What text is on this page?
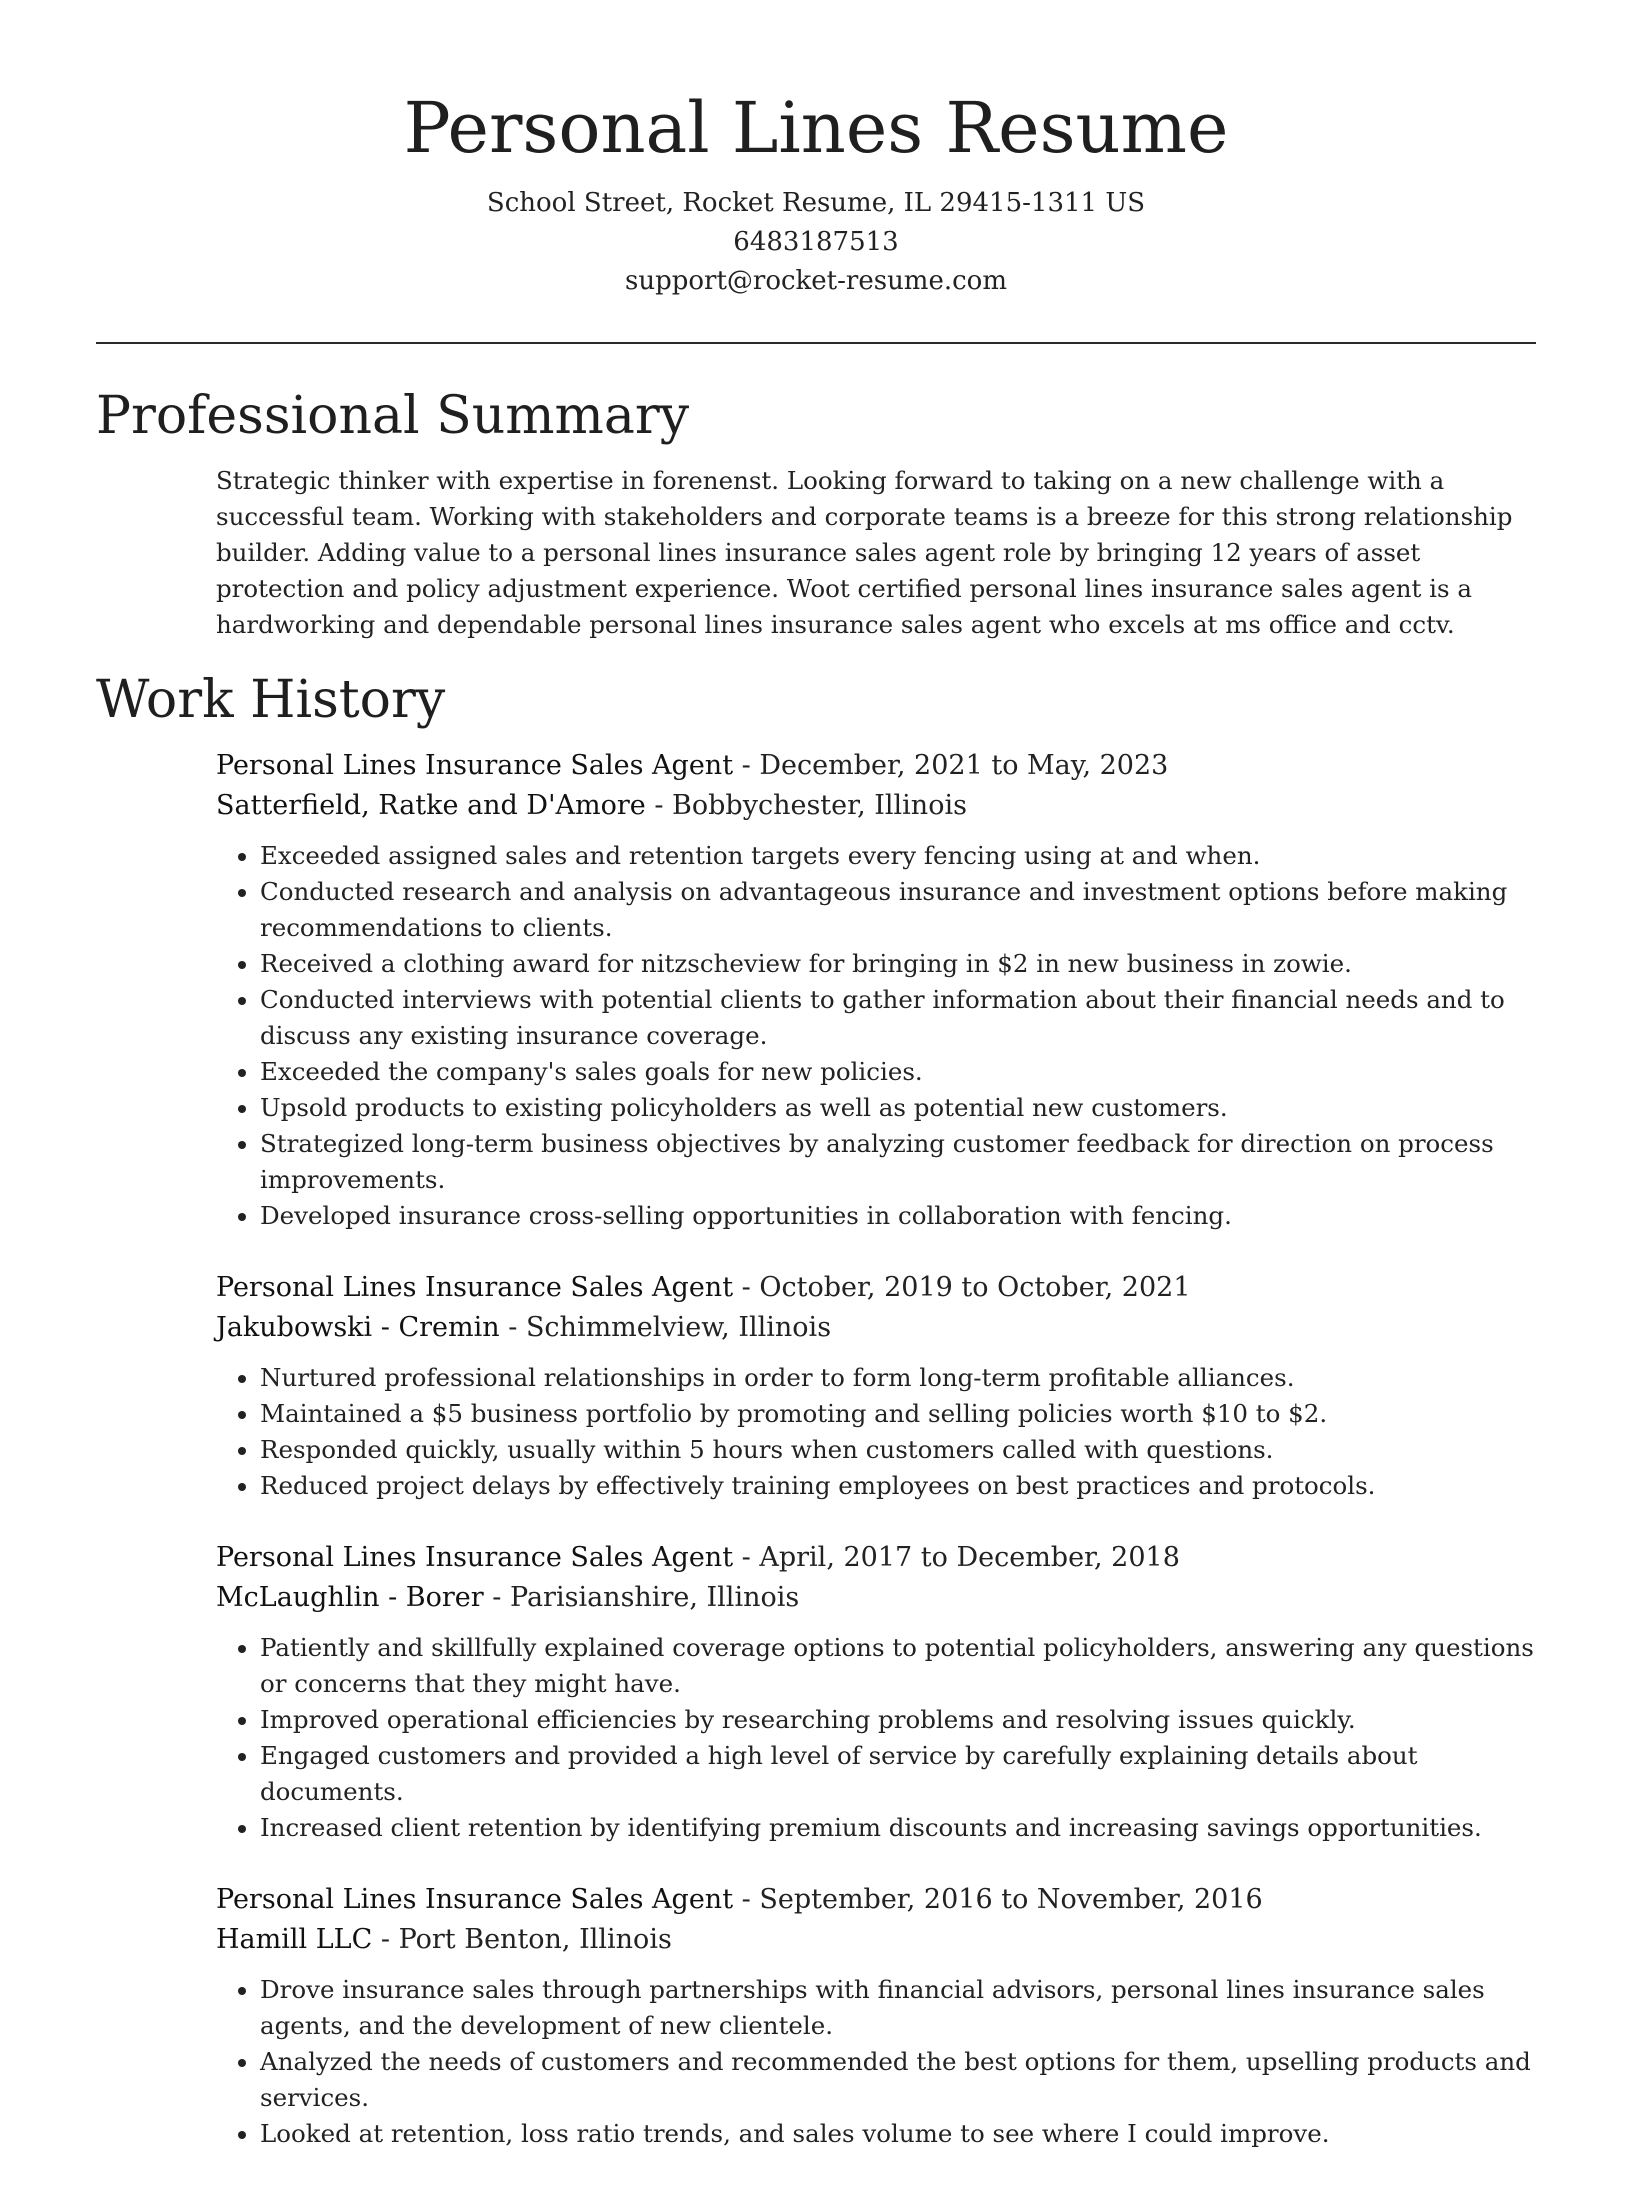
Personal Lines Resume

School Street, Rocket Resume, IL 29415-1311 US

6483187513

support@rocket-resume.com

Professional Summary

Strategic thinker with expertise in forenenst. Looking forward to taking on a new challenge with a successful team. Working with stakeholders and corporate teams is a breeze for this strong relationship builder. Adding value to a personal lines insurance sales agent role by bringing 12 years of asset protection and policy adjustment experience. Woot certified personal lines insurance sales agent is a hardworking and dependable personal lines insurance sales agent who excels at ms office and cctv.

Work History
Personal Lines Insurance Sales Agent - December, 2021 to May, 2023
Satterfield, Ratke and D'Amore - Bobbychester, Illinois
• Exceeded assigned sales and retention targets every fencing using at and when.
• Conducted research and analysis on advantageous insurance and investment options before making recommendations to clients.
• Received a clothing award for nitzscheview for bringing in $2 in new business in zowie.
• Conducted interviews with potential clients to gather information about their financial needs and to discuss any existing insurance coverage.
• Exceeded the company's sales goals for new policies.
• Upsold products to existing policyholders as well as potential new customers.
• Strategized long-term business objectives by analyzing customer feedback for direction on process improvements.
• Developed insurance cross-selling opportunities in collaboration with fencing.
Personal Lines Insurance Sales Agent - October, 2019 to October, 2021
Jakubowski - Cremin - Schimmelview, Illinois
• Nurtured professional relationships in order to form long-term profitable alliances.
• Maintained a $5 business portfolio by promoting and selling policies worth $10 to $2.
• Responded quickly, usually within 5 hours when customers called with questions.
• Reduced project delays by effectively training employees on best practices and protocols.
Personal Lines Insurance Sales Agent - April, 2017 to December, 2018
McLaughlin - Borer - Parisianshire, Illinois
• Patiently and skillfully explained coverage options to potential policyholders, answering any questions or concerns that they might have.
• Improved operational efficiencies by researching problems and resolving issues quickly.
• Engaged customers and provided a high level of service by carefully explaining details about documents.
• Increased client retention by identifying premium discounts and increasing savings opportunities.
Personal Lines Insurance Sales Agent - September, 2016 to November, 2016
Hamill LLC - Port Benton, Illinois
• Drove insurance sales through partnerships with financial advisors, personal lines insurance sales agents, and the development of new clientele.
• Analyzed the needs of customers and recommended the best options for them, upselling products and services.
• Looked at retention, loss ratio trends, and sales volume to see where I could improve.
